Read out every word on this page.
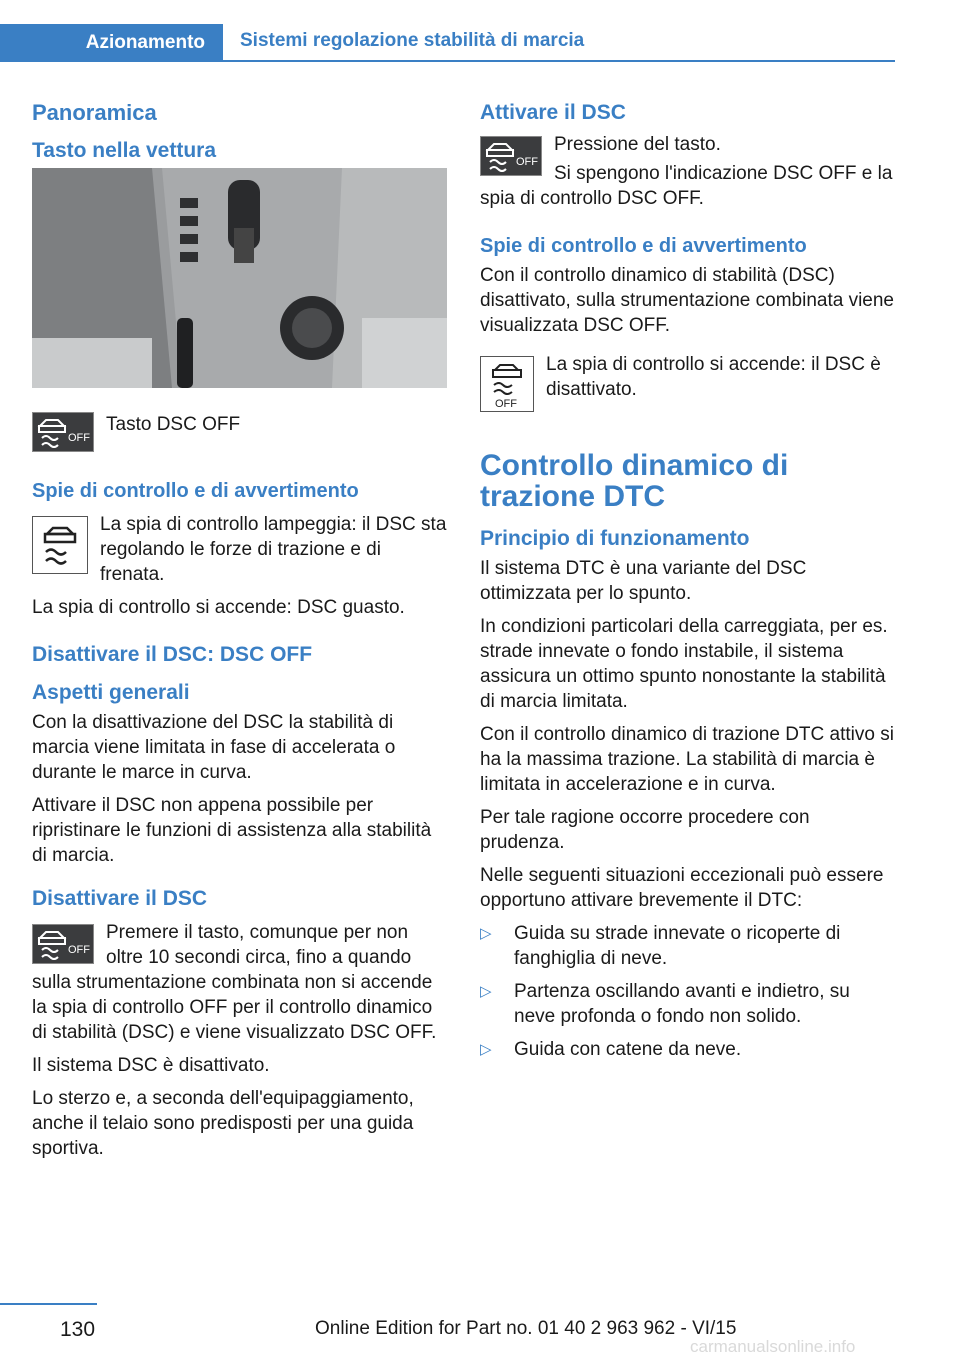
Azionamento	Sistemi regolazione stabilità di marcia
Panoramica
Tasto nella vettura
OFF
Tasto DSC OFF
Spie di controllo e di avvertimento

La spia di controllo lampeggia: il DSC sta regolando le forze di trazione e di frenata.

La spia di controllo si accende: DSC guasto.

Disattivare il DSC: DSC OFF
Aspetti generali

Con la disattivazione del DSC la stabilità di marcia viene limitata in fase di accelerata o durante le marce in curva.

Attivare il DSC non appena possibile per ripristinare le funzioni di assistenza alla stabilità di marcia.

Disattivare il DSC
OFF

Premere il tasto, comunque per non oltre 10 secondi circa, fino a quando sulla strumentazione combinata non si accende la spia di controllo OFF per il controllo dinamico di stabilità (DSC) e viene visualizzato DSC OFF.

Il sistema DSC è disattivato.

Lo sterzo e, a seconda dell'equipaggiamento, anche il telaio sono predisposti per una guida sportiva.

Attivare il DSC
OFF

Pressione del tasto.

Si spengono l'indicazione DSC OFF e la spia di controllo DSC OFF.

Spie di controllo e di avvertimento

Con il controllo dinamico di stabilità (DSC) disattivato, sulla strumentazione combinata viene visualizzata DSC OFF.

OFF

La spia di controllo si accende: il DSC è disattivato.

Controllo dinamico di trazione DTC
Principio di funzionamento

Il sistema DTC è una variante del DSC ottimizzata per lo spunto.

In condizioni particolari della carreggiata, per es. strade innevate o fondo instabile, il sistema assicura un ottimo spunto nonostante la stabilità di marcia limitata.

Con il controllo dinamico di trazione DTC attivo si ha la massima trazione. La stabilità di marcia è limitata in accelerazione e in curva.

Per tale ragione occorre procedere con prudenza.

Nelle seguenti situazioni eccezionali può essere opportuno attivare brevemente il DTC:

▷ Guida su strade innevate o ricoperte di fanghiglia di neve.
▷ Partenza oscillando avanti e indietro, su neve profonda o fondo non solido.
▷ Guida con catene da neve.
130	Online Edition for Part no. 01 40 2 963 962 - VI/15
carmanualsonline.info
